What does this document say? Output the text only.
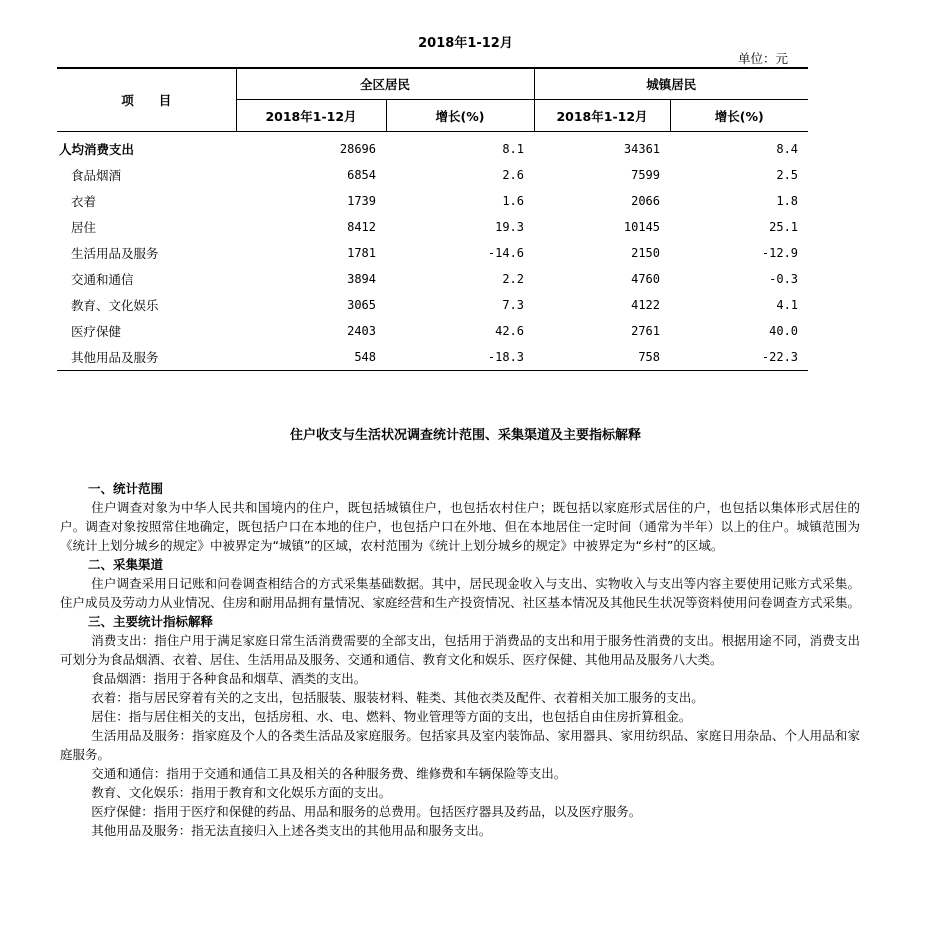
2018年1-12月
单位：元
项　　目	全区居民		城镇居民	
	2018年1-12月	增长(%)	2018年1-12月	增长(%)
人均消费支出	28696	8.1	34361	8.4
食品烟酒	6854	2.6	7599	2.5
衣着	1739	1.6	2066	1.8
居住	8412	19.3	10145	25.1
生活用品及服务	1781	-14.6	2150	-12.9
交通和通信	3894	2.2	4760	-0.3
教育、文化娱乐	3065	7.3	4122	4.1
医疗保健	2403	42.6	2761	40.0
其他用品及服务	548	-18.3	758	-22.3
住户收支与生活状况调查统计范围、采集渠道及主要指标解释
一、统计范围

住户调查对象为中华人民共和国境内的住户，既包括城镇住户，也包括农村住户；既包括以家庭形式居住的户，也包括以集体形式居住的户。调查对象按照常住地确定，既包括户口在本地的住户，也包括户口在外地、但在本地居住一定时间（通常为半年）以上的住户。城镇范围为《统计上划分城乡的规定》中被界定为“城镇”的区域，农村范围为《统计上划分城乡的规定》中被界定为“乡村”的区域。

二、采集渠道

住户调查采用日记账和问卷调查相结合的方式采集基础数据。其中，居民现金收入与支出、实物收入与支出等内容主要使用记账方式采集。住户成员及劳动力从业情况、住房和耐用品拥有量情况、家庭经营和生产投资情况、社区基本情况及其他民生状况等资料使用问卷调查方式采集。

三、主要统计指标解释

消费支出：指住户用于满足家庭日常生活消费需要的全部支出，包括用于消费品的支出和用于服务性消费的支出。根据用途不同，消费支出可划分为食品烟酒、衣着、居住、生活用品及服务、交通和通信、教育文化和娱乐、医疗保健、其他用品及服务八大类。

食品烟酒：指用于各种食品和烟草、酒类的支出。

衣着：指与居民穿着有关的之支出，包括服装、服装材料、鞋类、其他衣类及配件、衣着相关加工服务的支出。

居住：指与居住相关的支出，包括房租、水、电、燃料、物业管理等方面的支出，也包括自由住房折算租金。

生活用品及服务：指家庭及个人的各类生活品及家庭服务。包括家具及室内装饰品、家用器具、家用纺织品、家庭日用杂品、个人用品和家庭服务。

交通和通信：指用于交通和通信工具及相关的各种服务费、维修费和车辆保险等支出。

教育、文化娱乐：指用于教育和文化娱乐方面的支出。

医疗保健：指用于医疗和保健的药品、用品和服务的总费用。包括医疗器具及药品，以及医疗服务。

其他用品及服务：指无法直接归入上述各类支出的其他用品和服务支出。
